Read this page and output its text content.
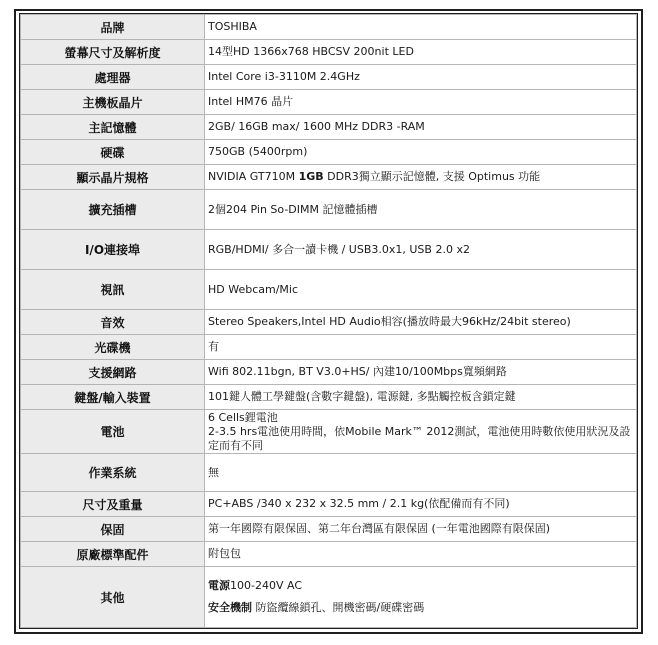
品牌	TOSHIBA
螢幕尺寸及解析度	14型HD 1366x768 HBCSV 200nit LED
處理器	Intel Core i3-3110M 2.4GHz
主機板晶片	Intel HM76 晶片
主記憶體	2GB/ 16GB max/ 1600 MHz DDR3 -RAM
硬碟	750GB (5400rpm)
顯示晶片規格	NVIDIA GT710M 1GB DDR3獨立顯示記憶體, 支援 Optimus 功能
擴充插槽	2個204 Pin So-DIMM 記憶體插槽
I/O連接埠	RGB/HDMI/ 多合一讀卡機 / USB3.0x1, USB 2.0 x2
視訊	HD Webcam/Mic
音效	Stereo Speakers,Intel HD Audio相容(播放時最大96kHz/24bit stereo)
光碟機	有
支援網路	Wifi 802.11bgn, BT V3.0+HS/ 內建10/100Mbps寬頻網路
鍵盤/輸入裝置	101鍵人體工學鍵盤(含數字鍵盤), 電源鍵, 多點觸控板含鎖定鍵
電池	6 Cells鋰電池
2-3.5 hrs電池使用時間，依Mobile Mark™ 2012測試，電池使用時數依使用狀況及設定而有不同
作業系統	無
尺寸及重量	PC+ABS /340 x 232 x 32.5 mm / 2.1 kg(依配備而有不同)
保固	第一年國際有限保固、第二年台灣區有限保固 (一年電池國際有限保固)
原廠標準配件	附包包
其他	電源100-240V AC
安全機制 防盜纜線鎖孔、開機密碼/硬碟密碼
